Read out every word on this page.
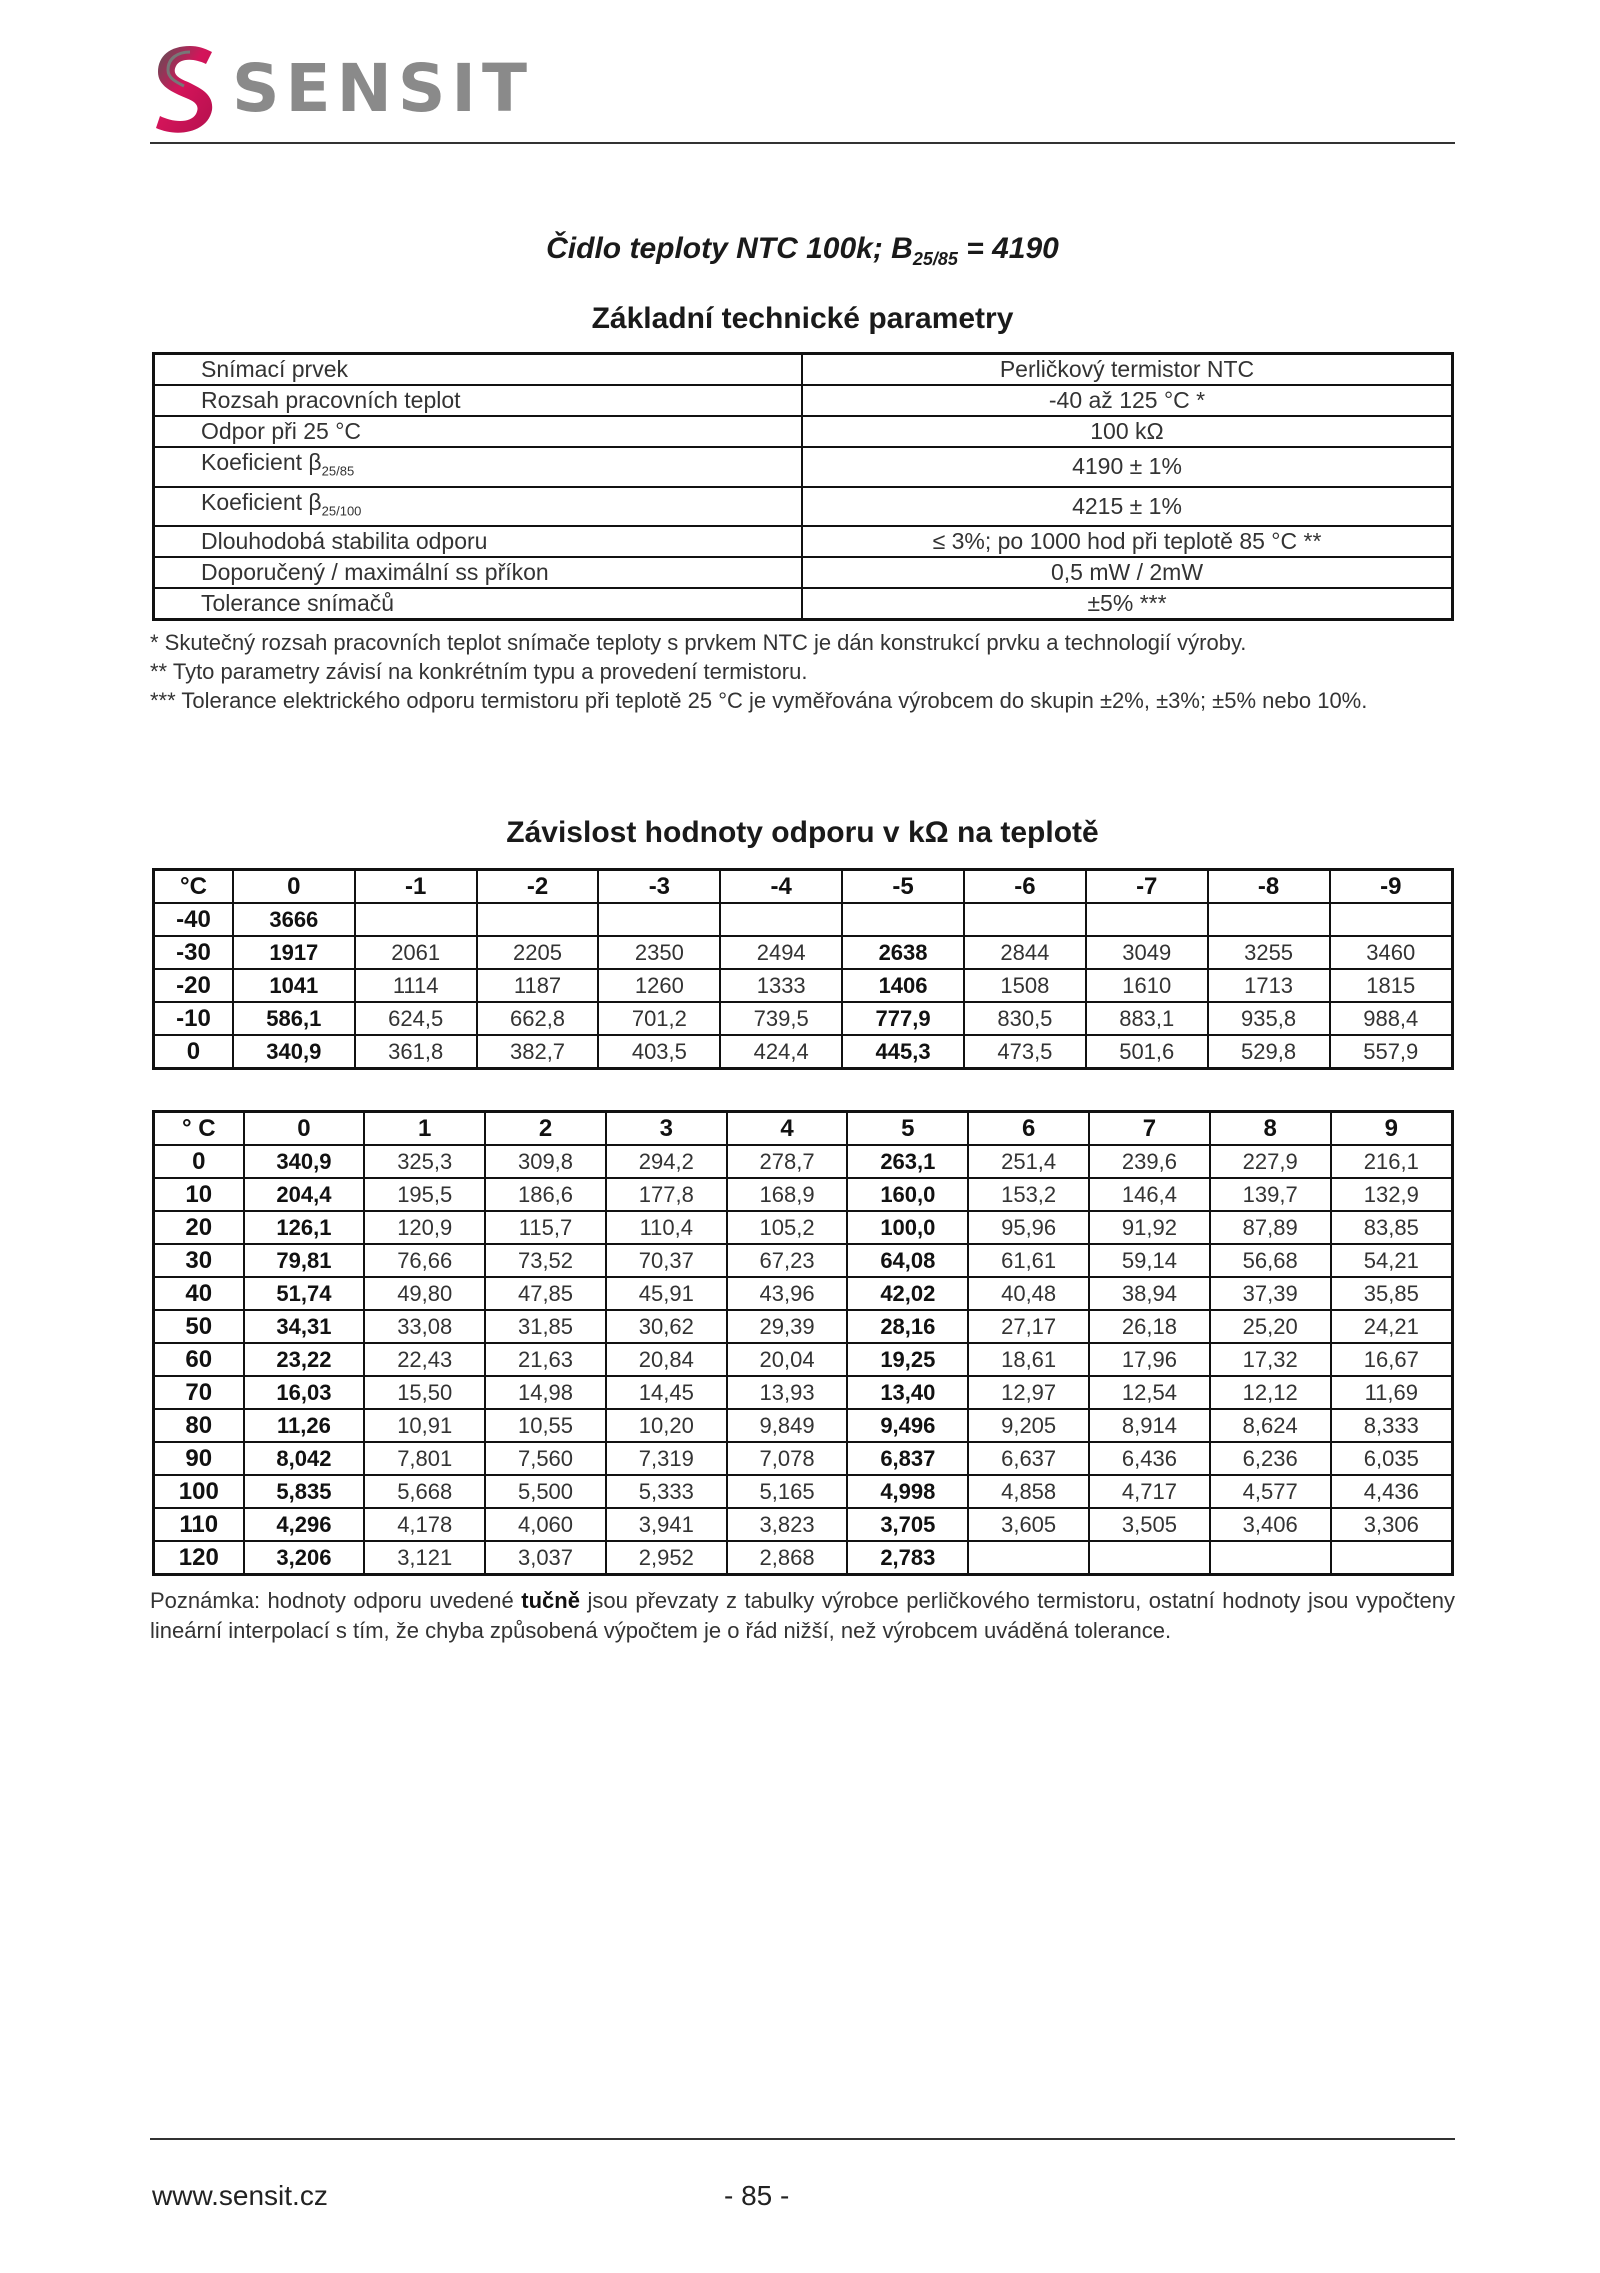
SENSIT
Čidlo teploty NTC 100k; $B_{25/85} = 4190$
Základní technické parametry
Snímací prvek	Perličkový termistor NTC
Rozsah pracovních teplot	-40 až 125 °C *
Odpor při 25 °C	100 kΩ
Koeficient $\beta_{25/85}$	4190 ± 1%
Koeficient $\beta_{25/100}$	4215 ± 1%
Dlouhodobá stabilita odporu	≤ 3%; po 1000 hod při teplotě 85 °C **
Doporučený / maximální ss příkon	0,5 mW / 2mW
Tolerance snímačů	±5% ***

* Skutečný rozsah pracovních teplot snímače teploty s prvkem NTC je dán konstrukcí prvku a technologií výroby.

** Tyto parametry závisí na konkrétním typu a provedení termistoru.

*** Tolerance elektrického odporu termistoru při teplotě 25 °C je vyměřována výrobcem do skupin ±2%, ±3%; ±5% nebo 10%.

Závislost hodnoty odporu v kΩ na teplotě
°C	0	-1	-2	-3	-4	-5	-6	-7	-8	-9
-40	3666									
-30	1917	2061	2205	2350	2494	2638	2844	3049	3255	3460
-20	1041	1114	1187	1260	1333	1406	1508	1610	1713	1815
-10	586,1	624,5	662,8	701,2	739,5	777,9	830,5	883,1	935,8	988,4
0	340,9	361,8	382,7	403,5	424,4	445,3	473,5	501,6	529,8	557,9
° C	0	1	2	3	4	5	6	7	8	9
0	340,9	325,3	309,8	294,2	278,7	263,1	251,4	239,6	227,9	216,1
10	204,4	195,5	186,6	177,8	168,9	160,0	153,2	146,4	139,7	132,9
20	126,1	120,9	115,7	110,4	105,2	100,0	95,96	91,92	87,89	83,85
30	79,81	76,66	73,52	70,37	67,23	64,08	61,61	59,14	56,68	54,21
40	51,74	49,80	47,85	45,91	43,96	42,02	40,48	38,94	37,39	35,85
50	34,31	33,08	31,85	30,62	29,39	28,16	27,17	26,18	25,20	24,21
60	23,22	22,43	21,63	20,84	20,04	19,25	18,61	17,96	17,32	16,67
70	16,03	15,50	14,98	14,45	13,93	13,40	12,97	12,54	12,12	11,69
80	11,26	10,91	10,55	10,20	9,849	9,496	9,205	8,914	8,624	8,333
90	8,042	7,801	7,560	7,319	7,078	6,837	6,637	6,436	6,236	6,035
100	5,835	5,668	5,500	5,333	5,165	4,998	4,858	4,717	4,577	4,436
110	4,296	4,178	4,060	3,941	3,823	3,705	3,605	3,505	3,406	3,306
120	3,206	3,121	3,037	2,952	2,868	2,783				
Poznámka: hodnoty odporu uvedené tučně jsou převzaty z tabulky výrobce perličkového termistoru, ostatní hodnoty jsou vypočteny lineární interpolací s tím, že chyba způsobená výpočtem je o řád nižší, než výrobcem uváděná tolerance.
www.sensit.cz	- 85 -
